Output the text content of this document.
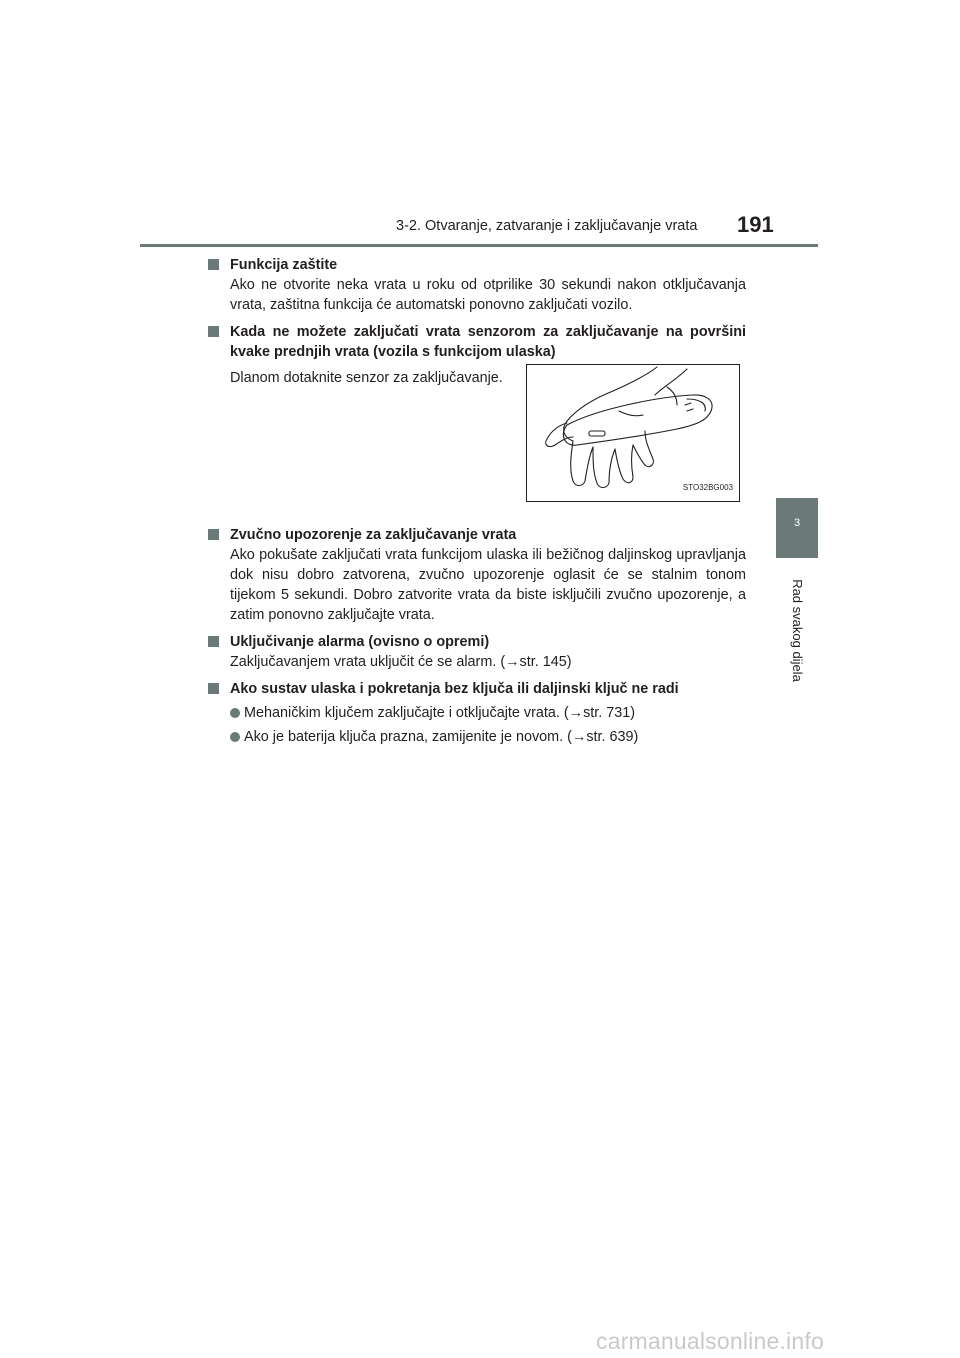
3-2. Otvaranje, zatvaranje i zaključavanje vrata 191
3
Rad svakog dijela
Funkcija zaštite
Ako ne otvorite neka vrata u roku od otprilike 30 sekundi nakon otključavanja vrata, zaštitna funkcija će automatski ponovno zaključati vozilo.
Kada ne možete zaključati vrata senzorom za zaključavanje na površini kvake prednjih vrata (vozila s funkcijom ulaska)
Dlanom dotaknite senzor za zaključavanje.
STO32BG003
Zvučno upozorenje za zaključavanje vrata
Ako pokušate zaključati vrata funkcijom ulaska ili bežičnog daljinskog upravljanja dok nisu dobro zatvorena, zvučno upozorenje oglasit će se stalnim tonom tijekom 5 sekundi. Dobro zatvorite vrata da biste isključili zvučno upozorenje, a zatim ponovno zaključajte vrata.
Uključivanje alarma (ovisno o opremi)
Zaključavanjem vrata uključit će se alarm. (→str. 145)
Ako sustav ulaska i pokretanja bez ključa ili daljinski ključ ne radi
Mehaničkim ključem zaključajte i otključajte vrata. (→str. 731)
Ako je baterija ključa prazna, zamijenite je novom. (→str. 639)
carmanualsonline.info
